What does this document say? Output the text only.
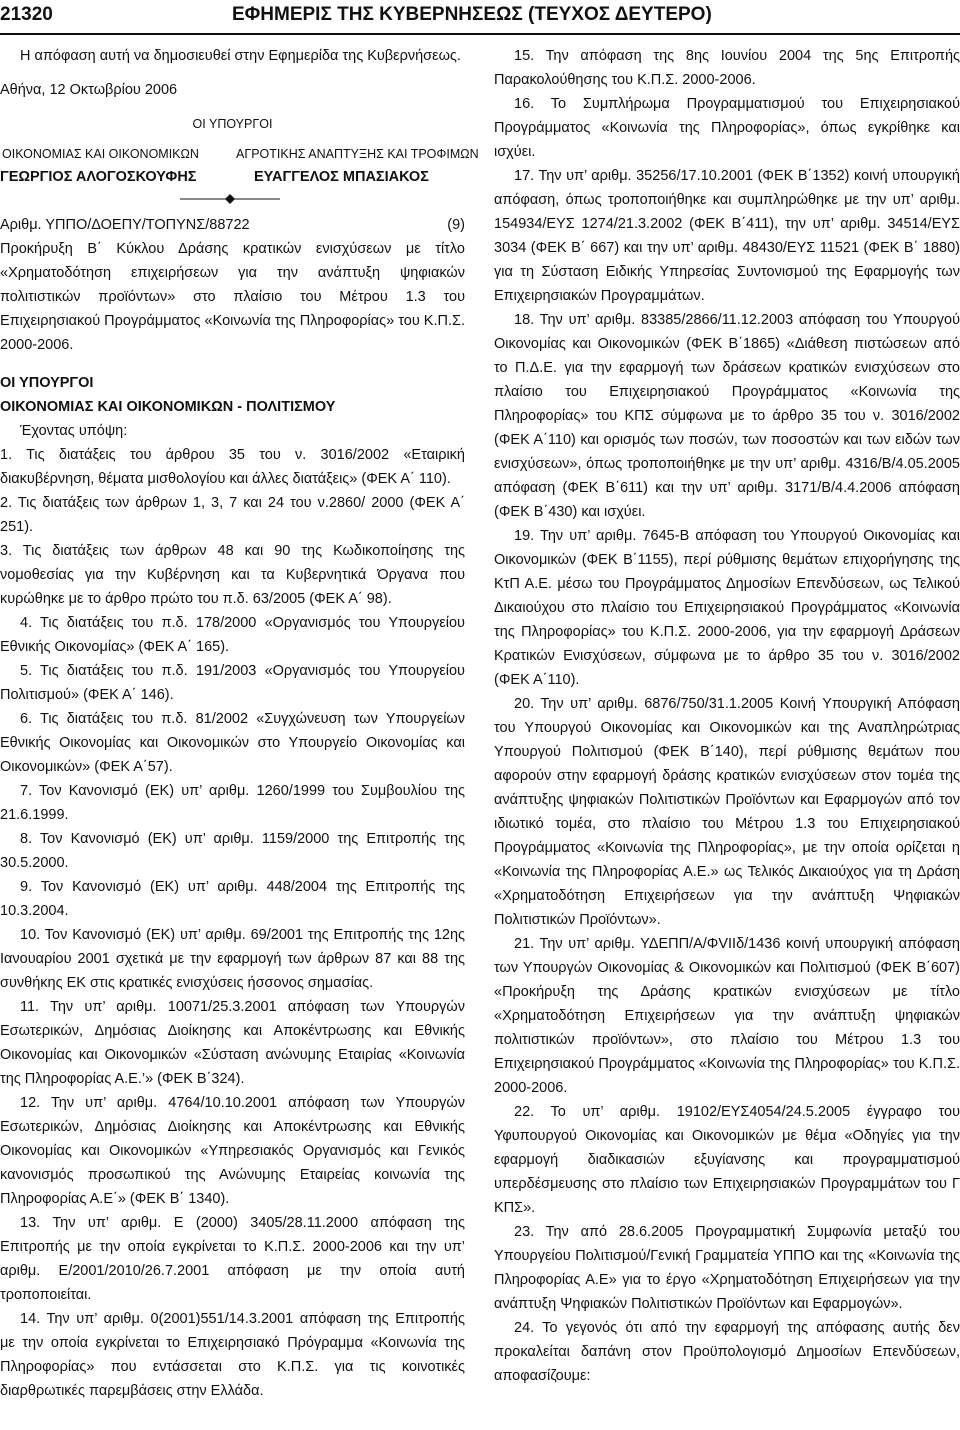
21320	ΕΦΗΜΕΡΙΣ ΤΗΣ ΚΥΒΕΡΝΗΣΕΩΣ (ΤΕΥΧΟΣ ΔΕΥΤΕΡΟ)

Η απόφαση αυτή να δημοσιευθεί στην Εφημερίδα της Κυβερνήσεως.

Αθήνα, 12 Οκτωβρίου 2006

ΟΙ ΥΠΟΥΡΓΟΙ
ΟΙΚΟΝΟΜΙΑΣ ΚΑΙ ΟΙΚΟΝΟΜΙΚΩΝ	ΑΓΡΟΤΙΚΗΣ ΑΝΑΠΤΥΞΗΣ ΚΑΙ ΤΡΟΦΙΜΩΝ
ΓΕΩΡΓΙΟΣ ΑΛΟΓΟΣΚΟΥΦΗΣ	ΕΥΑΓΓΕΛΟΣ ΜΠΑΣΙΑΚΟΣ
Αριθμ. ΥΠΠΟ/ΔΟΕΠΥ/ΤΟΠΥΝΣ/88722	(9)

Προκήρυξη Β΄ Κύκλου Δράσης κρατικών ενισχύσεων με τίτλο «Χρηματοδότηση επιχειρήσεων για την ανάπτυξη ψηφιακών πολιτιστικών προϊόντων» στο πλαίσιο του Μέτρου 1.3 του Επιχειρησιακού Προγράμματος «Κοινωνία της Πληροφορίας» του Κ.Π.Σ. 2000-2006.

ΟΙ ΥΠΟΥΡΓΟΙ

ΟΙΚΟΝΟΜΙΑΣ ΚΑΙ ΟΙΚΟΝΟΜΙΚΩΝ - ΠΟΛΙΤΙΣΜΟΥ

Έχοντας υπόψη:

1. Τις διατάξεις του άρθρου 35 του ν. 3016/2002 «Εταιρική διακυβέρνηση, θέματα μισθολογίου και άλλες διατάξεις» (ΦΕΚ Α΄ 110).

2. Τις διατάξεις των άρθρων 1, 3, 7 και 24 του ν.2860/ 2000 (ΦΕΚ Α΄ 251).

3. Τις διατάξεις των άρθρων 48 και 90 της Κωδικοποίησης της νομοθεσίας για την Κυβέρνηση και τα Κυβερνητικά Όργανα που κυρώθηκε με το άρθρο πρώτο του π.δ. 63/2005 (ΦΕΚ Α΄ 98).

4. Τις διατάξεις του π.δ. 178/2000 «Οργανισμός του Υπουργείου Εθνικής Οικονομίας» (ΦΕΚ Α΄ 165).

5. Τις διατάξεις του π.δ. 191/2003 «Οργανισμός του Υπουργείου Πολιτισμού» (ΦΕΚ Α΄ 146).

6. Τις διατάξεις του π.δ. 81/2002 «Συγχώνευση των Υπουργείων Εθνικής Οικονομίας και Οικονομικών στο Υπουργείο Οικονομίας και Οικονομικών» (ΦΕΚ Α΄57).

7. Τον Κανονισμό (ΕΚ) υπ’ αριθμ. 1260/1999 του Συμβουλίου της 21.6.1999.

8. Τον Κανονισμό (ΕΚ) υπ’ αριθμ. 1159/2000 της Επιτροπής της 30.5.2000.

9. Τον Κανονισμό (ΕΚ) υπ’ αριθμ. 448/2004 της Επιτροπής της 10.3.2004.

10. Τον Κανονισμό (ΕΚ) υπ’ αριθμ. 69/2001 της Επιτροπής της 12ης Ιανουαρίου 2001 σχετικά με την εφαρμογή των άρθρων 87 και 88 της συνθήκης ΕΚ στις κρατικές ενισχύσεις ήσσονος σημασίας.

11. Την υπ’ αριθμ. 10071/25.3.2001 απόφαση των Υπουργών Εσωτερικών, Δημόσιας Διοίκησης και Αποκέντρωσης και Εθνικής Οικονομίας και Οικονομικών «Σύσταση ανώνυμης Εταιρίας «Κοινωνία της Πληροφορίας Α.Ε.’» (ΦΕΚ Β΄324).

12. Την υπ’ αριθμ. 4764/10.10.2001 απόφαση των Υπουργών Εσωτερικών, Δημόσιας Διοίκησης και Αποκέντρωσης και Εθνικής Οικονομίας και Οικονομικών «Υπηρεσιακός Οργανισμός και Γενικός κανονισμός προσωπικού της Ανώνυμης Εταιρείας κοινωνία της Πληροφορίας Α.Ε΄» (ΦΕΚ Β΄ 1340).

13. Την υπ’ αριθμ. Ε (2000) 3405/28.11.2000 απόφαση της Επιτροπής με την οποία εγκρίνεται το Κ.Π.Σ. 2000-2006 και την υπ’ αριθμ. Ε/2001/2010/26.7.2001 απόφαση με την οποία αυτή τροποποιείται.

14. Την υπ’ αριθμ. 0(2001)551/14.3.2001 απόφαση της Επιτροπής με την οποία εγκρίνεται το Επιχειρησιακό Πρόγραμμα «Κοινωνία της Πληροφορίας» που εντάσσεται στο Κ.Π.Σ. για τις κοινοτικές διαρθρωτικές παρεμβάσεις στην Ελλάδα.

15. Την απόφαση της 8ης Ιουνίου 2004 της 5ης Επιτροπής Παρακολούθησης του Κ.Π.Σ. 2000-2006.

16. Το Συμπλήρωμα Προγραμματισμού του Επιχειρησιακού Προγράμματος «Κοινωνία της Πληροφορίας», όπως εγκρίθηκε και ισχύει.

17. Την υπ’ αριθμ. 35256/17.10.2001 (ΦΕΚ Β΄1352) κοινή υπουργική απόφαση, όπως τροποποιήθηκε και συμπληρώθηκε με την υπ’ αριθμ. 154934/ΕΥΣ 1274/21.3.2002 (ΦΕΚ Β΄411), την υπ’ αριθμ. 34514/ΕΥΣ 3034 (ΦΕΚ Β΄ 667) και την υπ’ αριθμ. 48430/ΕΥΣ 11521 (ΦΕΚ Β΄ 1880) για τη Σύσταση Ειδικής Υπηρεσίας Συντονισμού της Εφαρμογής των Επιχειρησιακών Προγραμμάτων.

18. Την υπ’ αριθμ. 83385/2866/11.12.2003 απόφαση του Υπουργού Οικονομίας και Οικονομικών (ΦΕΚ Β΄1865) «Διάθεση πιστώσεων από το Π.Δ.Ε. για την εφαρμογή των δράσεων κρατικών ενισχύσεων στο πλαίσιο του Επιχειρησιακού Προγράμματος «Κοινωνία της Πληροφορίας» του ΚΠΣ σύμφωνα με το άρθρο 35 του ν. 3016/2002 (ΦΕΚ Α΄110) και ορισμός των ποσών, των ποσοστών και των ειδών των ενισχύσεων», όπως τροποποιήθηκε με την υπ’ αριθμ. 4316/Β/4.05.2005 απόφαση (ΦΕΚ Β΄611) και την υπ’ αριθμ. 3171/Β/4.4.2006 απόφαση (ΦΕΚ Β΄430) και ισχύει.

19. Την υπ’ αριθμ. 7645-Β απόφαση του Υπουργού Οικονομίας και Οικονομικών (ΦΕΚ Β΄1155), περί ρύθμισης θεμάτων επιχορήγησης της ΚτΠ Α.Ε. μέσω του Προγράμματος Δημοσίων Επενδύσεων, ως Τελικού Δικαιούχου στο πλαίσιο του Επιχειρησιακού Προγράμματος «Κοινωνία της Πληροφορίας» του Κ.Π.Σ. 2000-2006, για την εφαρμογή Δράσεων Κρατικών Ενισχύσεων, σύμφωνα με το άρθρο 35 του ν. 3016/2002 (ΦΕΚ Α΄110).

20. Την υπ’ αριθμ. 6876/750/31.1.2005 Κοινή Υπουργική Απόφαση του Υπουργού Οικονομίας και Οικονομικών και της Αναπληρώτριας Υπουργού Πολιτισμού (ΦΕΚ Β΄140), περί ρύθμισης θεμάτων που αφορούν στην εφαρμογή δράσης κρατικών ενισχύσεων στον τομέα της ανάπτυξης ψηφιακών Πολιτιστικών Προϊόντων και Εφαρμογών από τον ιδιωτικό τομέα, στο πλαίσιο του Μέτρου 1.3 του Επιχειρησιακού Προγράμματος «Κοινωνία της Πληροφορίας», με την οποία ορίζεται η «Κοινωνία της Πληροφορίας Α.Ε.» ως Τελικός Δικαιούχος για τη Δράση «Χρηματοδότηση Επιχειρήσεων για την ανάπτυξη Ψηφιακών Πολιτιστικών Προϊόντων».

21. Την υπ’ αριθμ. ΥΔΕΠΠ/Α/ΦVIIδ/1436 κοινή υπουργική απόφαση των Υπουργών Οικονομίας & Οικονομικών και Πολιτισμού (ΦΕΚ Β΄607) «Προκήρυξη της Δράσης κρατικών ενισχύσεων με τίτλο «Χρηματοδότηση Επιχειρήσεων για την ανάπτυξη ψηφιακών πολιτιστικών προϊόντων», στο πλαίσιο του Μέτρου 1.3 του Επιχειρησιακού Προγράμματος «Κοινωνία της Πληροφορίας» του Κ.Π.Σ. 2000-2006.

22. Το υπ’ αριθμ. 19102/ΕΥΣ4054/24.5.2005 έγγραφο του Υφυπουργού Οικονομίας και Οικονομικών με θέμα «Οδηγίες για την εφαρμογή διαδικασιών εξυγίανσης και προγραμματισμού υπερδέσμευσης στο πλαίσιο των Επιχειρησιακών Προγραμμάτων του Γ ΚΠΣ».

23. Την από 28.6.2005 Προγραμματική Συμφωνία μεταξύ του Υπουργείου Πολιτισμού/Γενική Γραμματεία ΥΠΠΟ και της «Κοινωνία της Πληροφορίας Α.Ε» για το έργο «Χρηματοδότηση Επιχειρήσεων για την ανάπτυξη Ψηφιακών Πολιτιστικών Προϊόντων και Εφαρμογών».

24. Το γεγονός ότι από την εφαρμογή της απόφασης αυτής δεν προκαλείται δαπάνη στον Προϋπολογισμό Δημοσίων Επενδύσεων, αποφασίζουμε:
